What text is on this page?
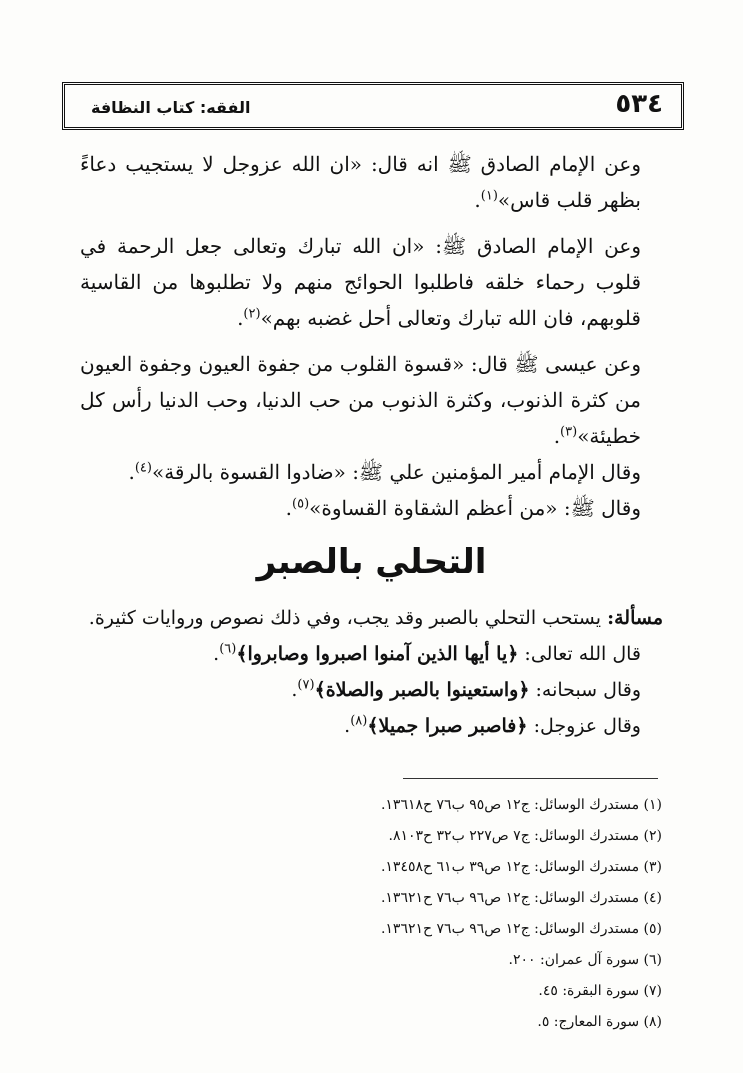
٥٣٤
الفقه: كتاب النظافة

وعن الإمام الصادق ﷺ انه قال: «ان الله عزوجل لا يستجيب دعاءً بظهر قلب قاس»$^{(١)}$.

وعن الإمام الصادق ﷺ: «ان الله تبارك وتعالى جعل الرحمة في قلوب رحماء خلقه فاطلبوا الحوائج منهم ولا تطلبوها من القاسية قلوبهم، فان الله تبارك وتعالى أحل غضبه بهم»$^{(٢)}$.

وعن عيسى ﷺ قال: «قسوة القلوب من جفوة العيون وجفوة العيون من كثرة الذنوب، وكثرة الذنوب من حب الدنيا، وحب الدنيا رأس كل خطيئة»$^{(٣)}$.

وقال الإمام أمير المؤمنين علي ﷺ: «ضادوا القسوة بالرقة»$^{(٤)}$.

وقال ﷺ: «من أعظم الشقاوة القساوة»$^{(٥)}$.

التحلي بالصبر

مسألة: يستحب التحلي بالصبر وقد يجب، وفي ذلك نصوص وروايات كثيرة.

قال الله تعالى: ﴿يا أيها الذين آمنوا اصبروا وصابروا﴾$^{(٦)}$.

وقال سبحانه: ﴿واستعينوا بالصبر والصلاة﴾$^{(٧)}$.

وقال عزوجل: ﴿فاصبر صبرا جميلا﴾$^{(٨)}$.

(١) مستدرك الوسائل: ج١٢ ص٩٥ ب٧٦ ح١٣٦١٨.
(٢) مستدرك الوسائل: ج٧ ص٢٢٧ ب٣٢ ح٨١٠٣.
(٣) مستدرك الوسائل: ج١٢ ص٣٩ ب٦١ ح١٣٤٥٨.
(٤) مستدرك الوسائل: ج١٢ ص٩٦ ب٧٦ ح١٣٦٢١.
(٥) مستدرك الوسائل: ج١٢ ص٩٦ ب٧٦ ح١٣٦٢١.
(٦) سورة آل عمران: ٢٠٠.
(٧) سورة البقرة: ٤٥.
(٨) سورة المعارج: ٥.
